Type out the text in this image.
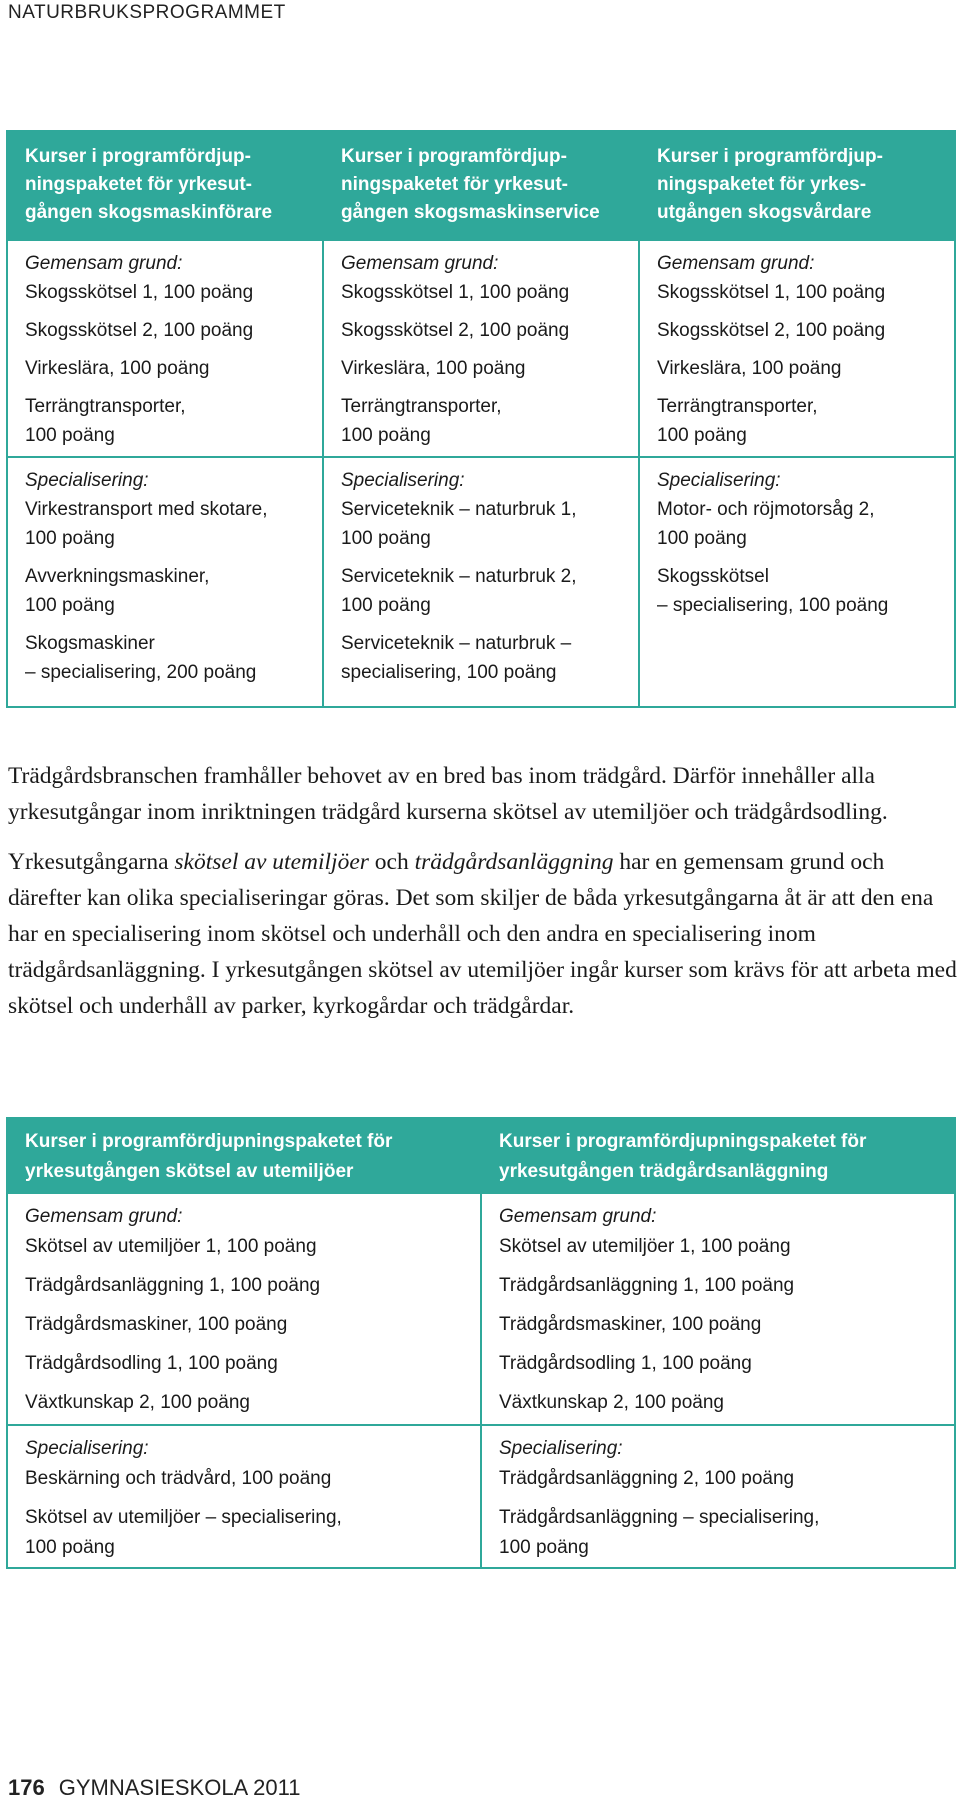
NATURBRUKSPROGRAMMET
Kurser i programfördjup-
ningspaketet för yrkesut-
gången skogsmaskinförare
Gemensam grund:
Skogsskötsel 1, 100 poäng
Skogsskötsel 2, 100 poäng
Virkeslära, 100 poäng
Terrängtransporter,
100 poäng
Specialisering:
Virkestransport med skotare,
100 poäng
Avverkningsmaskiner,
100 poäng
Skogsmaskiner
– specialisering, 200 poäng
Kurser i programfördjup-
ningspaketet för yrkesut-
gången skogsmaskinservice
Gemensam grund:
Skogsskötsel 1, 100 poäng
Skogsskötsel 2, 100 poäng
Virkeslära, 100 poäng
Terrängtransporter,
100 poäng
Specialisering:
Serviceteknik – naturbruk 1,
100 poäng
Serviceteknik – naturbruk 2,
100 poäng
Serviceteknik – naturbruk –
specialisering, 100 poäng
Kurser i programfördjup-
ningspaketet för yrkes-
utgången skogsvårdare
Gemensam grund:
Skogsskötsel 1, 100 poäng
Skogsskötsel 2, 100 poäng
Virkeslära, 100 poäng
Terrängtransporter,
100 poäng
Specialisering:
Motor- och röjmotorsåg 2,
100 poäng
Skogsskötsel
– specialisering, 100 poäng

Trädgårdsbranschen framhåller behovet av en bred bas inom trädgård. Därför innehåller alla yrkesutgångar inom inriktningen trädgård kurserna skötsel av utemiljöer och trädgårdsodling.

Yrkesutgångarna skötsel av utemiljöer och trädgårdsanläggning har en gemensam grund och därefter kan olika specialiseringar göras. Det som skiljer de båda yrkesutgångarna åt är att den ena har en specialisering inom skötsel och underhåll och den andra en specialisering inom trädgårdsanläggning. I yrkesutgången skötsel av utemiljöer ingår kurser som krävs för att arbeta med skötsel och underhåll av parker, kyrkogårdar och trädgårdar.

Kurser i programfördjupningspaketet för
yrkesutgången skötsel av utemiljöer
Gemensam grund:
Skötsel av utemiljöer 1, 100 poäng
Trädgårdsanläggning 1, 100 poäng
Trädgårdsmaskiner, 100 poäng
Trädgårdsodling 1, 100 poäng
Växtkunskap 2, 100 poäng
Specialisering:
Beskärning och trädvård, 100 poäng
Skötsel av utemiljöer – specialisering,
100 poäng
Kurser i programfördjupningspaketet för
yrkesutgången trädgårdsanläggning
Gemensam grund:
Skötsel av utemiljöer 1, 100 poäng
Trädgårdsanläggning 1, 100 poäng
Trädgårdsmaskiner, 100 poäng
Trädgårdsodling 1, 100 poäng
Växtkunskap 2, 100 poäng
Specialisering:
Trädgårdsanläggning 2, 100 poäng
Trädgårdsanläggning – specialisering,
100 poäng
176 GYMNASIESKOLA 2011
